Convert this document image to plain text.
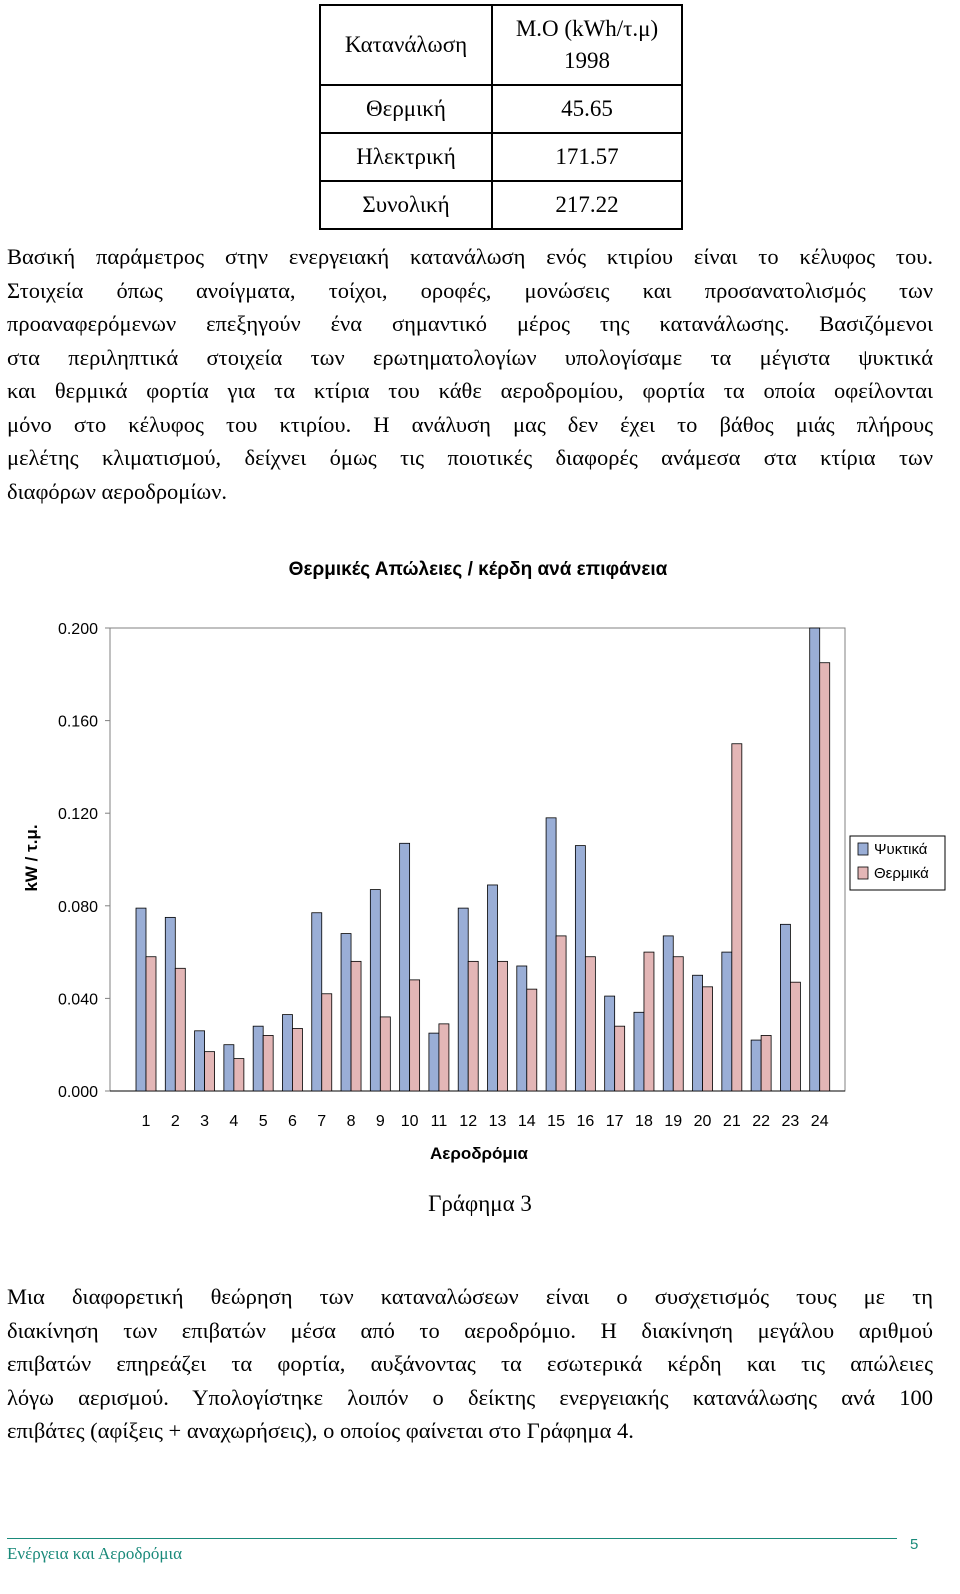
Κατανάλωση	Μ.Ο (kWh/τ.μ)
1998
Θερμική	45.65
Ηλεκτρική	171.57
Συνολική	217.22
Βασική παράμετρος στην ενεργειακή κατανάλωση ενός κτιρίου είναι το κέλυφος του.
Στοιχεία όπως ανοίγματα, τοίχοι, οροφές, μονώσεις και προσανατολισμός των
προαναφερόμενων επεξηγούν ένα σημαντικό μέρος της κατανάλωσης. Βασιζόμενοι
στα περιληπτικά στοιχεία των ερωτηματολογίων υπολογίσαμε τα μέγιστα ψυκτικά
και θερμικά φορτία για τα κτίρια του κάθε αεροδρομίου, φορτία τα οποία οφείλονται
μόνο στο κέλυφος του κτιρίου. Η ανάλυση μας δεν έχει το βάθος μιάς πλήρους
μελέτης κλιματισμού, δείχνει όμως τις ποιοτικές διαφορές ανάμεσα στα κτίρια των
διαφόρων αεροδρομίων.
Θερμικές Απώλειες / κέρδη ανά επιφάνεια
kW / τ.μ.
Αεροδρόμια
0.000
0.040
0.080
0.120
0.160
0.200
1 2 3 4 5 6 7 8 9 10 11 12 13 14 15 16 17 18 19 20 21 22 23 24
Ψυκτικά
Θερμικά
Γράφημα 3
Μια διαφορετική θεώρηση των καταναλώσεων είναι ο συσχετισμός τους με τη
διακίνηση των επιβατών μέσα από το αεροδρόμιο. Η διακίνηση μεγάλου αριθμού
επιβατών επηρεάζει τα φορτία, αυξάνοντας τα εσωτερικά κέρδη και τις απώλειες
λόγω αερισμού. Υπολογίστηκε λοιπόν ο δείκτης ενεργειακής κατανάλωσης ανά 100
επιβάτες (αφίξεις + αναχωρήσεις), ο οποίος φαίνεται στο Γράφημα 4.
Ενέργεια και Αεροδρόμια	5
